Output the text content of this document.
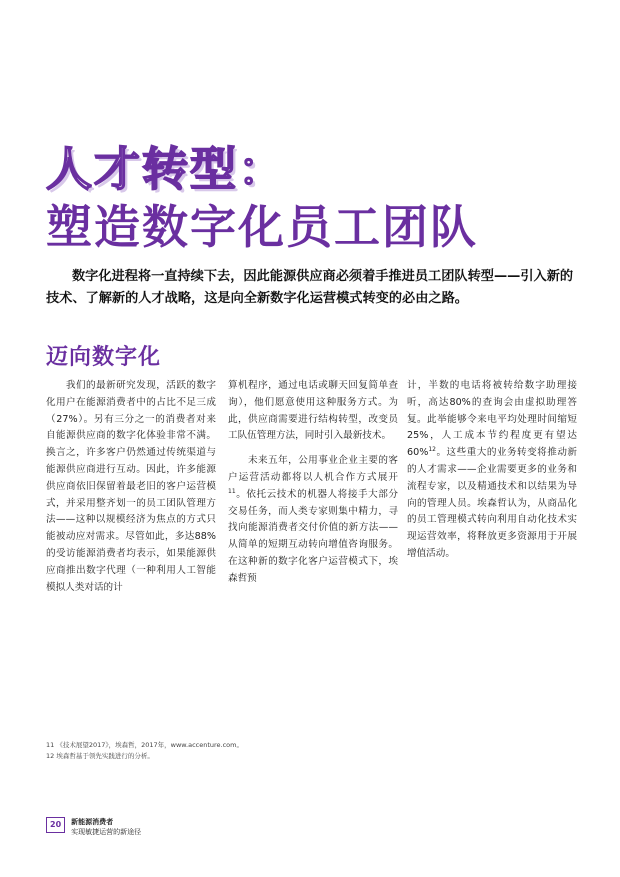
人才转型：
塑造数字化员工团队

数字化进程将一直持续下去，因此能源供应商必须着手推进员工团队转型——引入新的技术、了解新的人才战略，这是向全新数字化运营模式转变的必由之路。

迈向数字化

我们的最新研究发现，活跃的数字化用户在能源消费者中的占比不足三成（27%）。另有三分之一的消费者对来自能源供应商的数字化体验非常不满。换言之，许多客户仍然通过传统渠道与能源供应商进行互动。因此，许多能源供应商依旧保留着最老旧的客户运营模式，并采用整齐划一的员工团队管理方法——这种以规模经济为焦点的方式只能被动应对需求。尽管如此，多达88%的受访能源消费者均表示，如果能源供应商推出数字代理（一种利用人工智能模拟人类对话的计

算机程序，通过电话或聊天回复简单查询），他们愿意使用这种服务方式。为此，供应商需要进行结构转型，改变员工队伍管理方法，同时引入最新技术。

未来五年，公用事业企业主要的客户运营活动都将以人机合作方式展开$^{11}$。依托云技术的机器人将接手大部分交易任务，而人类专家则集中精力，寻找向能源消费者交付价值的新方法——从简单的短期互动转向增值咨询服务。在这种新的数字化客户运营模式下，埃森哲预

计，半数的电话将被转给数字助理接听，高达80%的查询会由虚拟助理答复。此举能够令来电平均处理时间缩短25%，人工成本节约程度更有望达60%$^{12}$。这些重大的业务转变将推动新的人才需求——企业需要更多的业务和流程专家，以及精通技术和以结果为导向的管理人员。埃森哲认为，从商品化的员工管理模式转向利用自动化技术实现运营效率，将释放更多资源用于开展增值活动。

11 《技术展望2017》，埃森哲，2017年，www.accenture.com。
12 埃森哲基于领先实践进行的分析。
20	新能源消费者
实现敏捷运营的新途径
